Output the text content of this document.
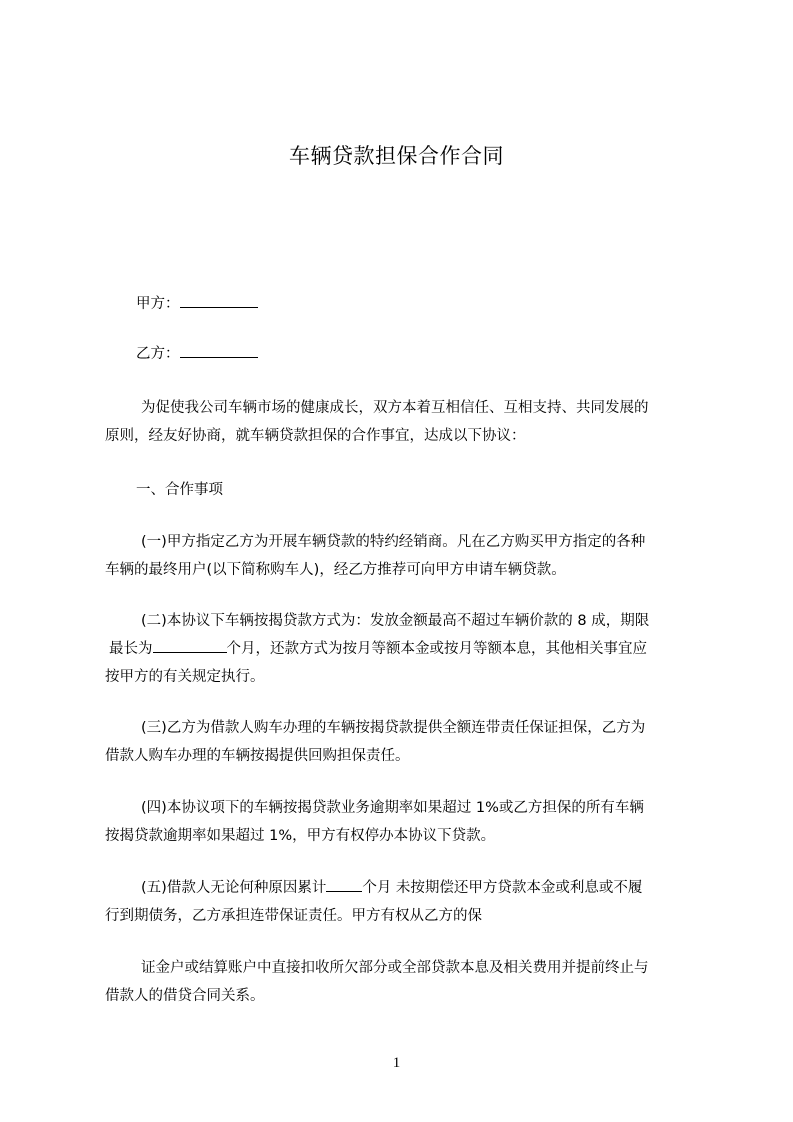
车辆贷款担保合作合同
甲方：
乙方：
为促使我公司车辆市场的健康成长，双方本着互相信任、互相支持、共同发展的
原则，经友好协商，就车辆贷款担保的合作事宜，达成以下协议：
一、合作事项
(一)甲方指定乙方为开展车辆贷款的特约经销商。凡在乙方购买甲方指定的各种
车辆的最终用户(以下简称购车人)，经乙方推荐可向甲方申请车辆贷款。
(二)本协议下车辆按揭贷款方式为：发放金额最高不超过车辆价款的 8 成，期限
最长为	个月，还款方式为按月等额本金或按月等额本息，其他相关事宜应
按甲方的有关规定执行。
(三)乙方为借款人购车办理的车辆按揭贷款提供全额连带责任保证担保，乙方为
借款人购车办理的车辆按揭提供回购担保责任。
(四)本协议项下的车辆按揭贷款业务逾期率如果超过 1%或乙方担保的所有车辆
按揭贷款逾期率如果超过 1%，甲方有权停办本协议下贷款。
(五)借款人无论何种原因累计 个月 未按期偿还甲方贷款本金或利息或不履
行到期债务，乙方承担连带保证责任。甲方有权从乙方的保
证金户或结算账户中直接扣收所欠部分或全部贷款本息及相关费用并提前终止与
借款人的借贷合同关系。
1
